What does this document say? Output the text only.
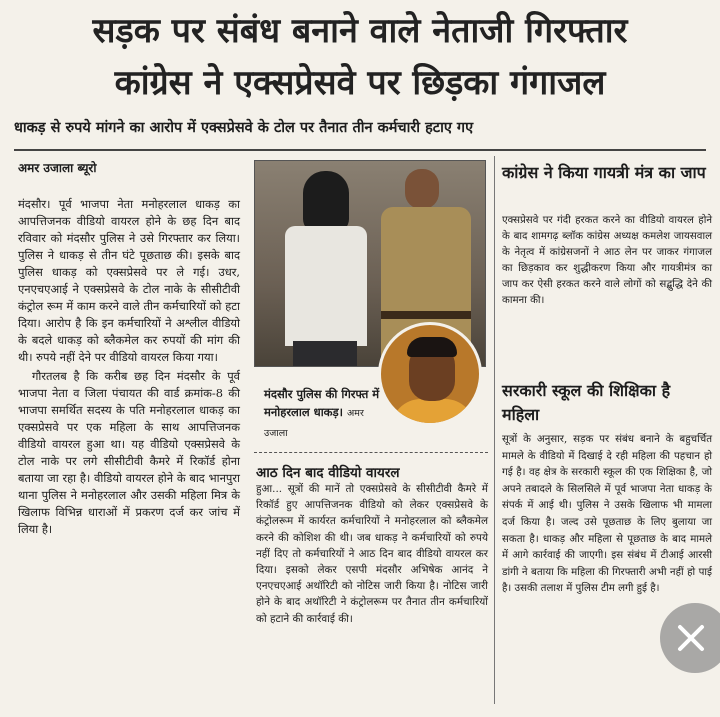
सड़क पर संबंध बनाने वाले नेताजी गिरफ्तार
कांग्रेस ने एक्सप्रेसवे पर छिड़का गंगाजल
धाकड़ से रुपये मांगने का आरोप में एक्सप्रेसवे के टोल पर तैनात तीन कर्मचारी हटाए गए
अमर उजाला ब्यूरो

मंदसौर। पूर्व भाजपा नेता मनोहरलाल धाकड़ का आपत्तिजनक वीडियो वायरल होने के छह दिन बाद रविवार को मंदसौर पुलिस ने उसे गिरफ्तार कर लिया। पुलिस ने धाकड़ से तीन घंटे पूछताछ की। इसके बाद पुलिस धाकड़ को एक्सप्रेसवे पर ले गई। उधर, एनएचएआई ने एक्सप्रेसवे के टोल नाके के सीसीटीवी कंट्रोल रूम में काम करने वाले तीन कर्मचारियों को हटा दिया। आरोप है कि इन कर्मचारियों ने अश्लील वीडियो के बदले धाकड़ को ब्लैकमेल कर रुपयों की मांग की थी। रुपये नहीं देने पर वीडियो वायरल किया गया।

गौरतलब है कि करीब छह दिन मंदसौर के पूर्व भाजपा नेता व जिला पंचायत की वार्ड क्रमांक-8 की भाजपा समर्थित सदस्य के पति मनोहरलाल धाकड़ का एक्सप्रेसवे पर एक महिला के साथ आपत्तिजनक वीडियो वायरल हुआ था। यह वीडियो एक्सप्रेसवे के टोल नाके पर लगे सीसीटीवी कैमरे में रिकॉर्ड होना बताया जा रहा है। वीडियो वायरल होने के बाद भानपुरा थाना पुलिस ने मनोहरलाल और उसकी महिला मित्र के खिलाफ विभिन्न धाराओं में प्रकरण दर्ज कर जांच में लिया है।

मंदसौर पुलिस की गिरफ्त में मनोहरलाल धाकड़। अमर उजाला
आठ दिन बाद वीडियो वायरल
हुआ... सूत्रों की मानें तो एक्सप्रेसवे के सीसीटीवी कैमरे में रिकॉर्ड हुए आपत्तिजनक वीडियो को लेकर एक्सप्रेसवे के कंट्रोलरूम में कार्यरत कर्मचारियों ने मनोहरलाल को ब्लैकमेल करने की कोशिश की थी। जब धाकड़ ने कर्मचारियों को रुपये नहीं दिए तो कर्मचारियों ने आठ दिन बाद वीडियो वायरल कर दिया। इसको लेकर एसपी मंदसौर अभिषेक आनंद ने एनएचएआई अथॉरिटी को नोटिस जारी किया है। नोटिस जारी होने के बाद अथॉरिटी ने कंट्रोलरूम पर तैनात तीन कर्मचारियों को हटाने की कार्रवाई की।
कांग्रेस ने किया गायत्री मंत्र का जाप
एक्सप्रेसवे पर गंदी हरकत करने का वीडियो वायरल होने के बाद शामगढ़ ब्लॉक कांग्रेस अध्यक्ष कमलेश जायसवाल के नेतृत्व में कांग्रेसजनों ने आठ लेन पर जाकर गंगाजल का छिड़काव कर शुद्धीकरण किया और गायत्रीमंत्र का जाप कर ऐसी हरकत करने वाले लोगों को सद्बुद्धि देने की कामना की।
सरकारी स्कूल की शिक्षिका है महिला
सूत्रों के अनुसार, सड़क पर संबंध बनाने के बहुचर्चित मामले के वीडियो में दिखाई दे रही महिला की पहचान हो गई है। वह क्षेत्र के सरकारी स्कूल की एक शिक्षिका है, जो अपने तबादले के सिलसिले में पूर्व भाजपा नेता धाकड़ के संपर्क में आई थी। पुलिस ने उसके खिलाफ भी मामला दर्ज किया है। जल्द उसे पूछताछ के लिए बुलाया जा सकता है। धाकड़ और महिला से पूछताछ के बाद मामले में आगे कार्रवाई की जाएगी। इस संबंध में टीआई आरसी डांगी ने बताया कि महिला की गिरफ्तारी अभी नहीं हो पाई है। उसकी तलाश में पुलिस टीम लगी हुई है।
